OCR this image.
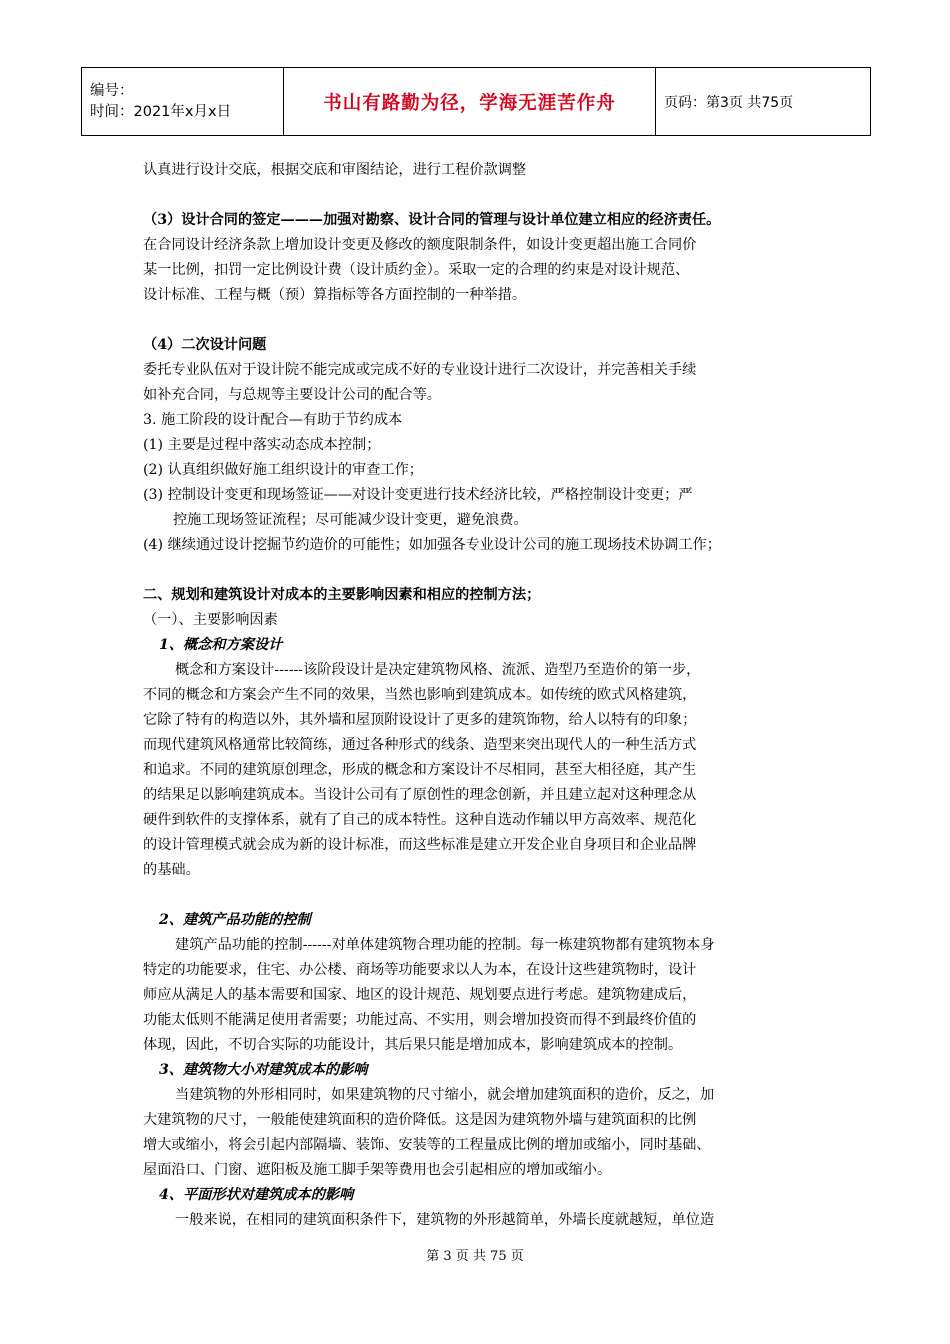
编号：
时间：2021年x月x日	书山有路勤为径，学海无涯苦作舟	页码：第3页 共75页

认真进行设计交底，根据交底和审图结论，进行工程价款调整

（3）设计合同的签定———加强对勘察、设计合同的管理与设计单位建立相应的经济责任。

在合同设计经济条款上增加设计变更及修改的额度限制条件，如设计变更超出施工合同价

某一比例，扣罚一定比例设计费（设计质约金）。采取一定的合理的约束是对设计规范、

设计标准、工程与概（预）算指标等各方面控制的一种举措。

（4）二次设计问题

委托专业队伍对于设计院不能完成或完成不好的专业设计进行二次设计，并完善相关手续

如补充合同，与总规等主要设计公司的配合等。

3. 施工阶段的设计配合—有助于节约成本

(1) 主要是过程中落实动态成本控制；

(2) 认真组织做好施工组织设计的审查工作；

(3) 控制设计变更和现场签证——对设计变更进行技术经济比较，严格控制设计变更；严

控施工现场签证流程；尽可能减少设计变更，避免浪费。

(4) 继续通过设计挖掘节约造价的可能性；如加强各专业设计公司的施工现场技术协调工作；

二、规划和建筑设计对成本的主要影响因素和相应的控制方法；

（一）、主要影响因素

1、概念和方案设计

概念和方案设计------该阶段设计是决定建筑物风格、流派、造型乃至造价的第一步，

不同的概念和方案会产生不同的效果，当然也影响到建筑成本。如传统的欧式风格建筑，

它除了特有的构造以外，其外墙和屋顶附设设计了更多的建筑饰物，给人以特有的印象；

而现代建筑风格通常比较简练，通过各种形式的线条、造型来突出现代人的一种生活方式

和追求。不同的建筑原创理念，形成的概念和方案设计不尽相同，甚至大相径庭，其产生

的结果足以影响建筑成本。当设计公司有了原创性的理念创新，并且建立起对这种理念从

硬件到软件的支撑体系，就有了自己的成本特性。这种自选动作辅以甲方高效率、规范化

的设计管理模式就会成为新的设计标准，而这些标准是建立开发企业自身项目和企业品牌

的基础。

2、建筑产品功能的控制

建筑产品功能的控制------对单体建筑物合理功能的控制。每一栋建筑物都有建筑物本身

特定的功能要求，住宅、办公楼、商场等功能要求以人为本，在设计这些建筑物时，设计

师应从满足人的基本需要和国家、地区的设计规范、规划要点进行考虑。建筑物建成后，

功能太低则不能满足使用者需要；功能过高、不实用，则会增加投资而得不到最终价值的

体现，因此，不切合实际的功能设计，其后果只能是增加成本，影响建筑成本的控制。

3、建筑物大小对建筑成本的影响

当建筑物的外形相同时，如果建筑物的尺寸缩小，就会增加建筑面积的造价，反之，加

大建筑物的尺寸，一般能使建筑面积的造价降低。这是因为建筑物外墙与建筑面积的比例

增大或缩小，将会引起内部隔墙、装饰、安装等的工程量成比例的增加或缩小，同时基础、

屋面沿口、门窗、遮阳板及施工脚手架等费用也会引起相应的增加或缩小。

4、平面形状对建筑成本的影响

一般来说，在相同的建筑面积条件下，建筑物的外形越简单，外墙长度就越短，单位造

第 3 页 共 75 页
